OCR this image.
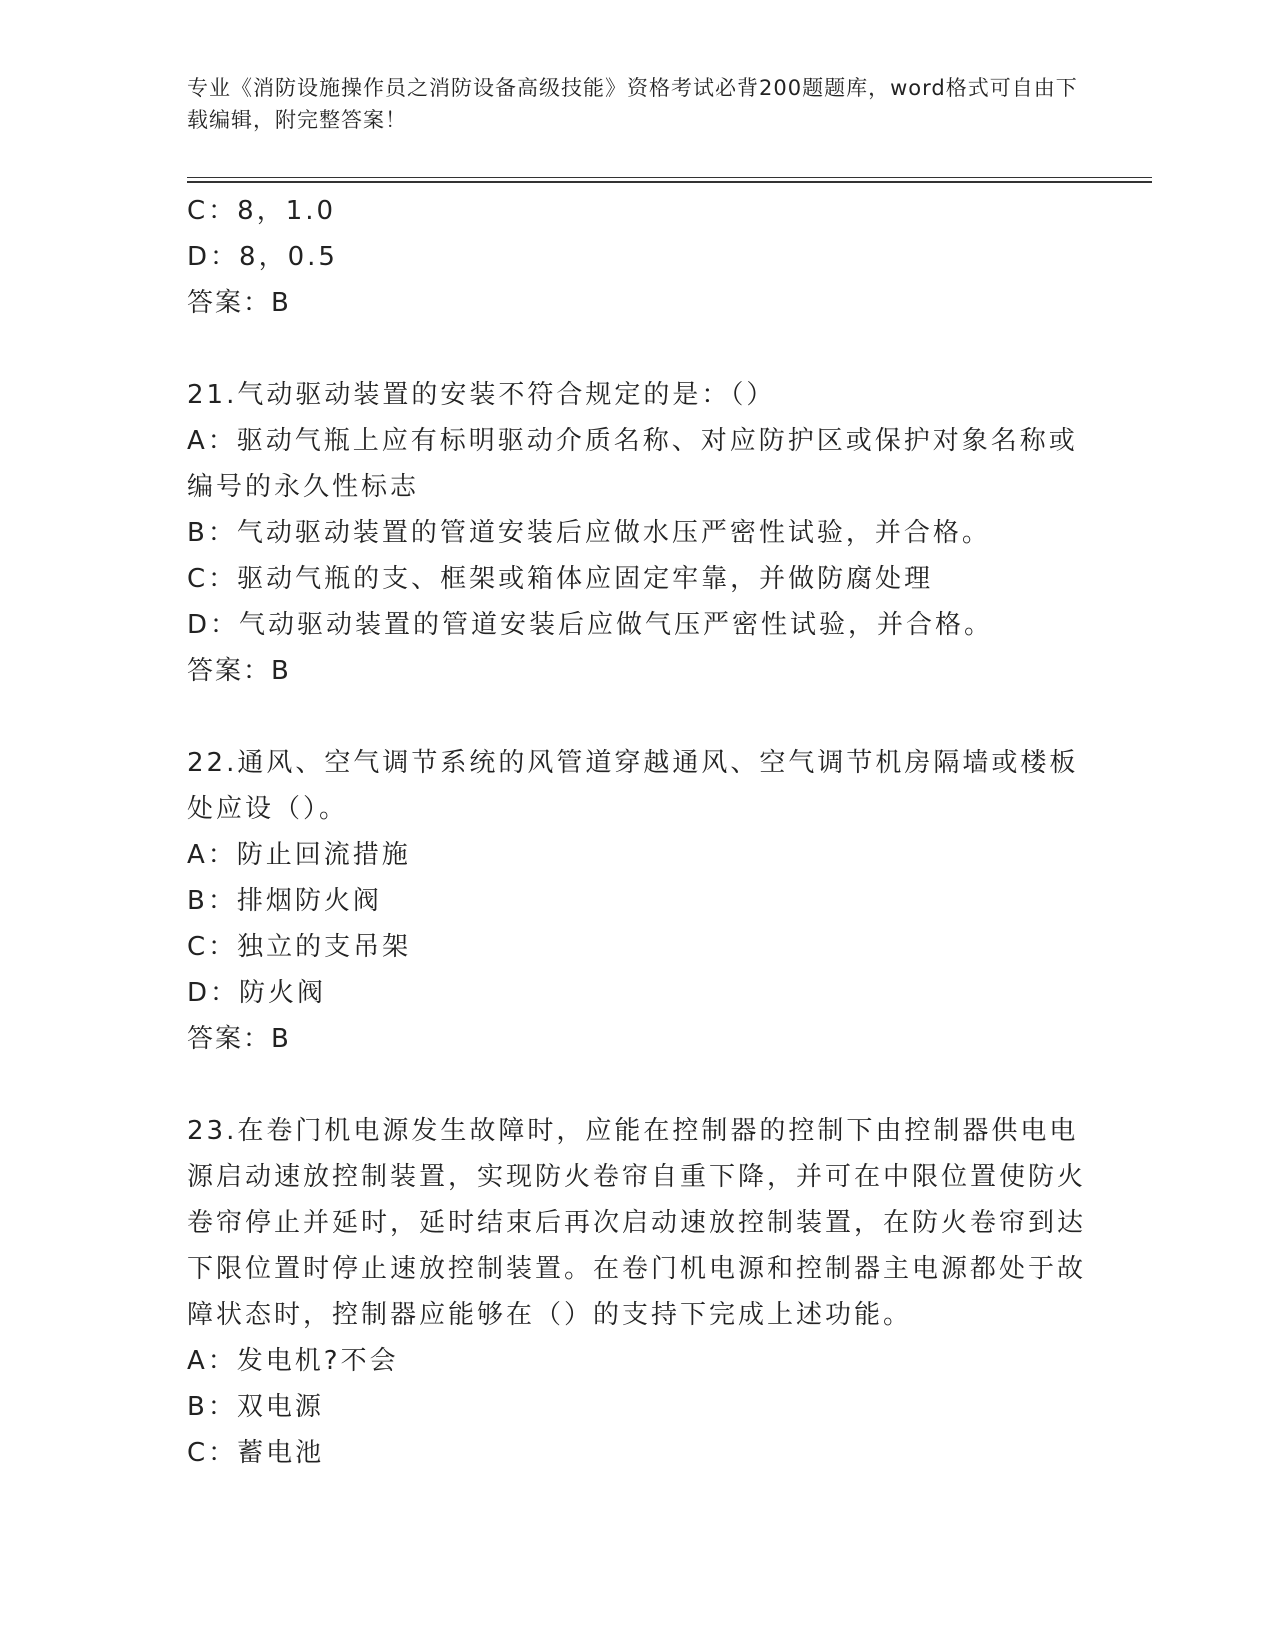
专业《消防设施操作员之消防设备高级技能》资格考试必背200题题库，word格式可自由下载编辑，附完整答案！
C：8，1.0
D：8，0.5
答案：B
21.气动驱动装置的安装不符合规定的是：（）
A：驱动气瓶上应有标明驱动介质名称、对应防护区或保护对象名称或编号的永久性标志
B：气动驱动装置的管道安装后应做水压严密性试验，并合格。
C：驱动气瓶的支、框架或箱体应固定牢靠，并做防腐处理
D：气动驱动装置的管道安装后应做气压严密性试验，并合格。
答案：B
22.通风、空气调节系统的风管道穿越通风、空气调节机房隔墙或楼板处应设（）。
A：防止回流措施
B：排烟防火阀
C：独立的支吊架
D：防火阀
答案：B
23.在卷门机电源发生故障时，应能在控制器的控制下由控制器供电电源启动速放控制装置，实现防火卷帘自重下降，并可在中限位置使防火卷帘停止并延时，延时结束后再次启动速放控制装置，在防火卷帘到达下限位置时停止速放控制装置。在卷门机电源和控制器主电源都处于故障状态时，控制器应能够在（）的支持下完成上述功能。
A：发电机?不会
B：双电源
C：蓄电池
